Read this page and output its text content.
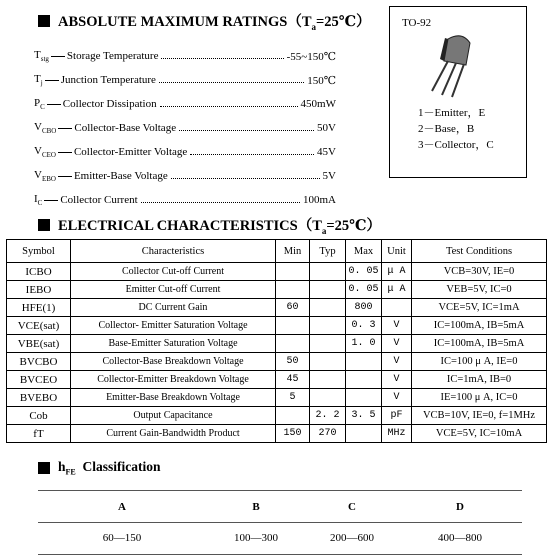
ABSOLUTE MAXIMUM $RATINGS(T_a=25℃)$
$T_{stg}$ Storage Temperature	-55~150℃
$T_j$ Junction Temperature	150℃
$P_C$ Collector Dissipation	450mW
$V_{CBO}$ Collector-Base Voltage	50V
$V_{CEO}$ Collector-Emitter Voltage	45V
$V_{EBO}$ Emitter-Base Voltage	5V
$I_C$ Collector Current	100mA
TO-92
1－Emitter，E
2－Base，B
3－Collector，C
ELECTRICAL $CHARACTERISTICS(T_a=25℃)$
Symbol	Characteristics	Min	Typ	Max	Unit	Test Conditions
ICBO	Collector Cut-off Current			0. 05	μ A	VCB=30V, IE=0
IEBO	Emitter Cut-off Current			0. 05	μ A	VEB=5V, IC=0
HFE(1)	DC Current Gain	60		800		VCE=5V, IC=1mA
VCE(sat)	Collector- Emitter Saturation Voltage			0. 3	V	IC=100mA, IB=5mA
VBE(sat)	Base-Emitter Saturation Voltage			1. 0	V	IC=100mA, IB=5mA
BVCBO	Collector-Base Breakdown Voltage	50			V	IC=100 μ A, IE=0
BVCEO	Collector-Emitter Breakdown Voltage	45			V	IC=1mA, IB=0
BVEBO	Emitter-Base Breakdown Voltage	5			V	IE=100 μ A, IC=0
Cob	Output Capacitance		2. 2	3. 5	pF	VCB=10V, IE=0, f=1MHz
fT	Current Gain-Bandwidth Product	150	270		MHz	VCE=5V, IC=10mA
$h_{FE}$ Classification
A	B	C	D
60—150	100—300	200—600	400—800
